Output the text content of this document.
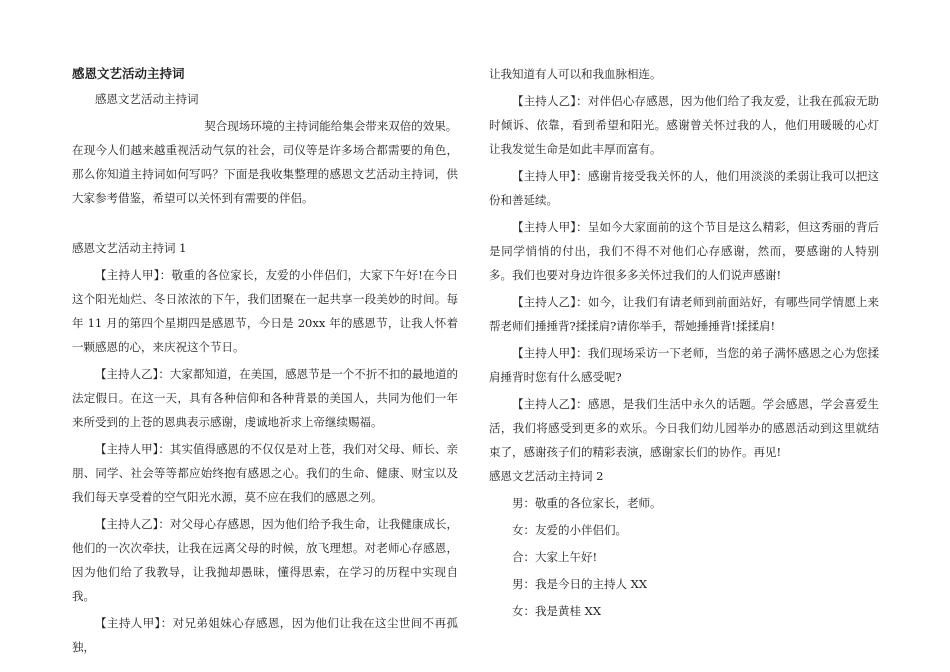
感恩文艺活动主持词

感恩文艺活动主持词

契合现场环境的主持词能给集会带来双倍的效果。

在现今人们越来越重视活动气氛的社会，司仪等是许多场合都需要的角色，那么你知道主持词如何写吗？下面是我收集整理的感恩文艺活动主持词，供大家参考借鉴，希望可以关怀到有需要的伴侣。

感恩文艺活动主持词 1

【主持人甲】：敬重的各位家长，友爱的小伴侣们，大家下午好!在今日这个阳光灿烂、冬日浓浓的下午，我们团聚在一起共享一段美妙的时间。每年 11 月的第四个星期四是感恩节，今日是 20xx 年的感恩节，让我人怀着一颗感恩的心，来庆祝这个节日。

【主持人乙】：大家都知道，在美国，感恩节是一个不折不扣的最地道的法定假日。在这一天，具有各种信仰和各种背景的美国人，共同为他们一年来所受到的上苍的恩典表示感谢，虔诚地祈求上帝继续赐福。

【主持人甲】：其实值得感恩的不仅仅是对上苍，我们对父母、师长、亲朋、同学、社会等等都应始终抱有感恩之心。我们的生命、健康、财宝以及我们每天享受着的空气阳光水源，莫不应在我们的感恩之列。

【主持人乙】：对父母心存感恩，因为他们给予我生命，让我健康成长，他们的一次次牵扶，让我在远离父母的时候，放飞理想。对老师心存感恩，因为他们给了我教导，让我抛却愚昧，懂得思索，在学习的历程中实现自我。

【主持人甲】：对兄弟姐妹心存感恩，因为他们让我在这尘世间不再孤独，

让我知道有人可以和我血脉相连。

【主持人乙】：对伴侣心存感恩，因为他们给了我友爱，让我在孤寂无助时倾诉、依靠，看到希望和阳光。感谢曾关怀过我的人，他们用暖暖的心灯让我发觉生命是如此丰厚而富有。

【主持人甲】：感谢肯接受我关怀的人，他们用淡淡的柔弱让我可以把这份和善延续。

【主持人甲】：呈如今大家面前的这个节目是这么精彩，但这秀丽的背后是同学悄悄的付出，我们不得不对他们心存感谢，然而，要感谢的人特别多。我们也要对身边许很多多关怀过我们的人们说声感谢!

【主持人乙】：如今，让我们有请老师到前面站好，有哪些同学情愿上来帮老师们捶捶背?揉揉肩?请你举手，帮她捶捶背!揉揉肩!

【主持人甲】：我们现场采访一下老师，当您的弟子满怀感恩之心为您揉肩捶背时您有什么感受呢?

【主持人乙】：感恩，是我们生活中永久的话题。学会感恩，学会喜爱生活，我们将感受到更多的欢乐。今日我们幼儿园举办的感恩活动到这里就结束了，感谢孩子们的精彩表演，感谢家长们的协作。再见!

感恩文艺活动主持词 2

男：敬重的各位家长，老师。

女：友爱的小伴侣们。

合：大家上午好!

男：我是今日的主持人 XX

女：我是黄桂 XX
